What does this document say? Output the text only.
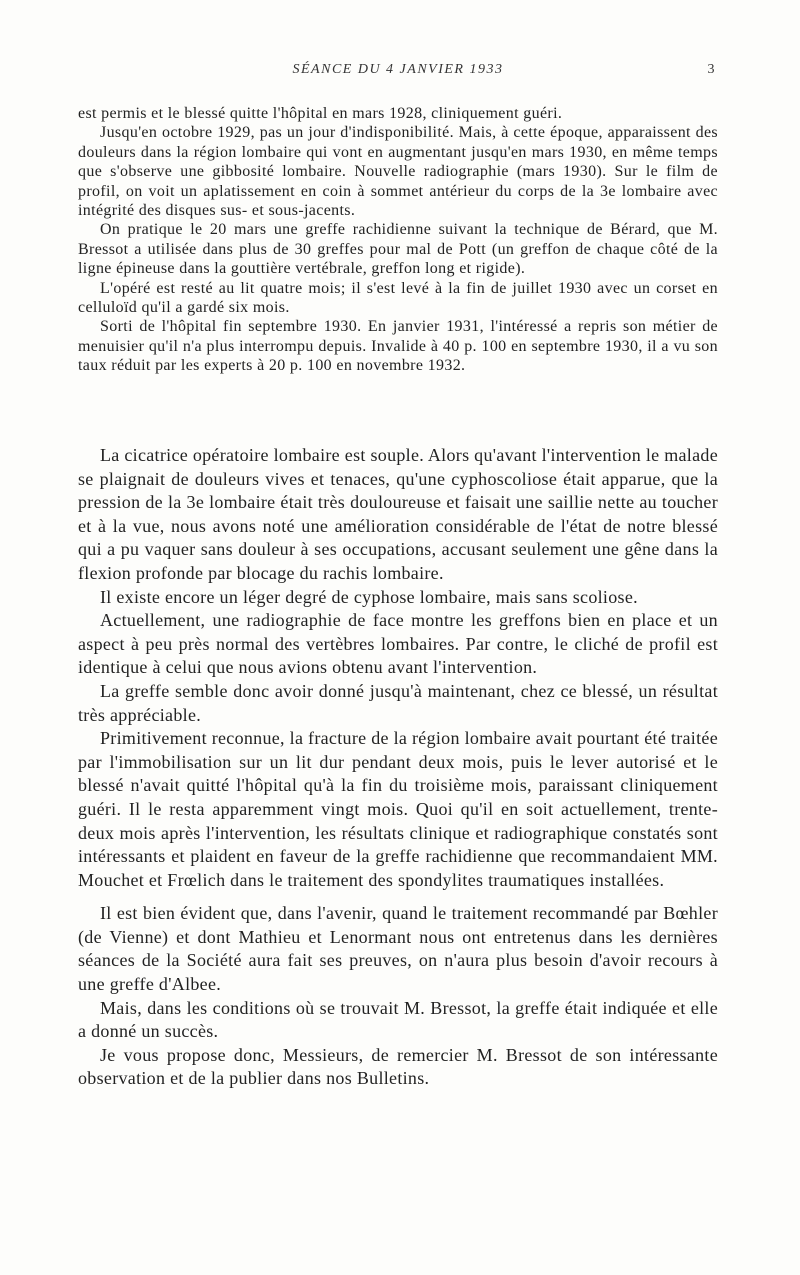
SÉANCE DU 4 JANVIER 1933	3

est permis et le blessé quitte l'hôpital en mars 1928, cliniquement guéri.

Jusqu'en octobre 1929, pas un jour d'indisponibilité. Mais, à cette époque, apparaissent des douleurs dans la région lombaire qui vont en augmentant jusqu'en mars 1930, en même temps que s'observe une gibbosité lombaire. Nouvelle radiographie (mars 1930). Sur le film de profil, on voit un aplatissement en coin à sommet antérieur du corps de la 3e lombaire avec intégrité des disques sus- et sous-jacents.

On pratique le 20 mars une greffe rachidienne suivant la technique de Bérard, que M. Bressot a utilisée dans plus de 30 greffes pour mal de Pott (un greffon de chaque côté de la ligne épineuse dans la gouttière vertébrale, greffon long et rigide).

L'opéré est resté au lit quatre mois; il s'est levé à la fin de juillet 1930 avec un corset en celluloïd qu'il a gardé six mois.

Sorti de l'hôpital fin septembre 1930. En janvier 1931, l'intéressé a repris son métier de menuisier qu'il n'a plus interrompu depuis. Invalide à 40 p. 100 en septembre 1930, il a vu son taux réduit par les experts à 20 p. 100 en novembre 1932.

La cicatrice opératoire lombaire est souple. Alors qu'avant l'intervention le malade se plaignait de douleurs vives et tenaces, qu'une cyphoscoliose était apparue, que la pression de la 3e lombaire était très douloureuse et faisait une saillie nette au toucher et à la vue, nous avons noté une amélioration considérable de l'état de notre blessé qui a pu vaquer sans douleur à ses occupations, accusant seulement une gêne dans la flexion profonde par blocage du rachis lombaire.

Il existe encore un léger degré de cyphose lombaire, mais sans scoliose.

Actuellement, une radiographie de face montre les greffons bien en place et un aspect à peu près normal des vertèbres lombaires. Par contre, le cliché de profil est identique à celui que nous avions obtenu avant l'intervention.

La greffe semble donc avoir donné jusqu'à maintenant, chez ce blessé, un résultat très appréciable.

Primitivement reconnue, la fracture de la région lombaire avait pourtant été traitée par l'immobilisation sur un lit dur pendant deux mois, puis le lever autorisé et le blessé n'avait quitté l'hôpital qu'à la fin du troisième mois, paraissant cliniquement guéri. Il le resta apparemment vingt mois. Quoi qu'il en soit actuellement, trente-deux mois après l'intervention, les résultats clinique et radiographique constatés sont intéressants et plaident en faveur de la greffe rachidienne que recommandaient MM. Mouchet et Frœlich dans le traitement des spondylites traumatiques installées.

Il est bien évident que, dans l'avenir, quand le traitement recommandé par Bœhler (de Vienne) et dont Mathieu et Lenormant nous ont entretenus dans les dernières séances de la Société aura fait ses preuves, on n'aura plus besoin d'avoir recours à une greffe d'Albee.

Mais, dans les conditions où se trouvait M. Bressot, la greffe était indiquée et elle a donné un succès.

Je vous propose donc, Messieurs, de remercier M. Bressot de son intéressante observation et de la publier dans nos Bulletins.
